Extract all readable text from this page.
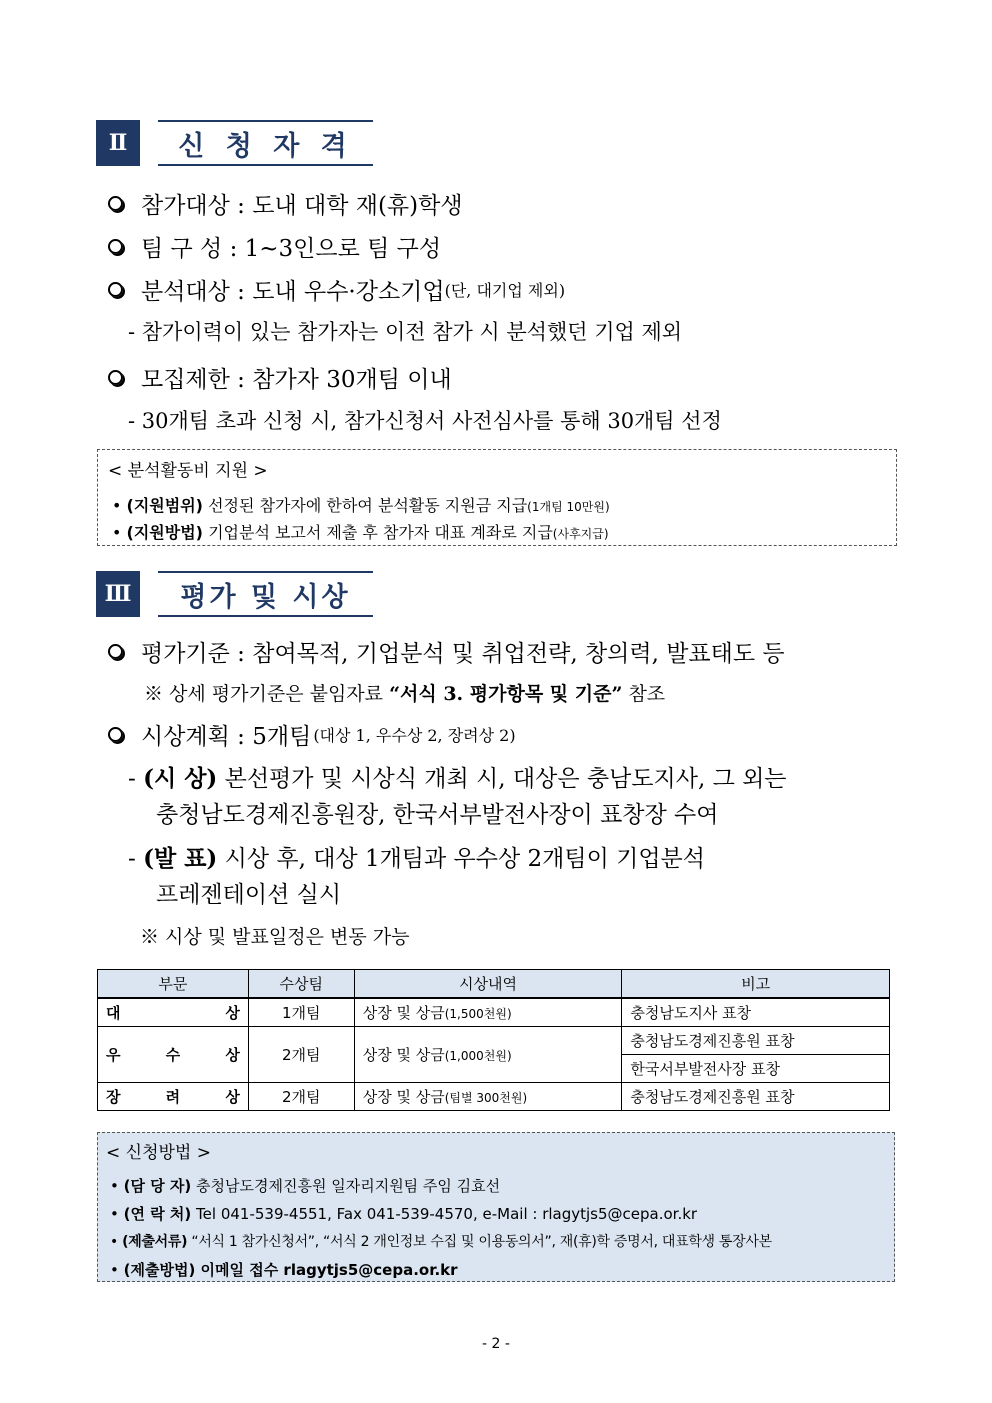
Ⅱ	신 청 자 격
참가대상 : 도내 대학 재(휴)학생
팀 구 성 : 1~3인으로 팀 구성
분석대상 : 도내 우수·강소기업 (단, 대기업 제외)
- 참가이력이 있는 참가자는 이전 참가 시 분석했던 기업 제외
모집제한 : 참가자 30개팀 이내
- 30개팀 초과 신청 시, 참가신청서 사전심사를 통해 30개팀 선정
< 분석활동비 지원 >
• (지원범위) 선정된 참가자에 한하여 분석활동 지원금 지급(1개팀 10만원)
• (지원방법) 기업분석 보고서 제출 후 참가자 대표 계좌로 지급(사후지급)
Ⅲ	평가 및 시상
평가기준 : 참여목적, 기업분석 및 취업전략, 창의력, 발표태도 등
※ 상세 평가기준은 붙임자료 “서식 3. 평가항목 및 기준” 참조
시상계획 : 5개팀 (대상 1, 우수상 2, 장려상 2)
- (시 상) 본선평가 및 시상식 개최 시, 대상은 충남도지사, 그 외는
충청남도경제진흥원장, 한국서부발전사장이 표창장 수여
- (발 표) 시상 후, 대상 1개팀과 우수상 2개팀이 기업분석
프레젠테이션 실시
※ 시상 및 발표일정은 변동 가능
부문	수상팀	시상내역	비고

대 상	1개팀	상장 및 상금(1,500천원)	충청남도지사 표창

우 수 상	2개팀	상장 및 상금(1,000천원)	충청남도경제진흥원 표창
			한국서부발전사장 표창

장 려 상	2개팀	상장 및 상금(팀별 300천원)	충청남도경제진흥원 표창
< 신청방법 >
• (담 당 자) 충청남도경제진흥원 일자리지원팀 주임 김효선
• (연 락 처) Tel 041-539-4551, Fax 041-539-4570, e-Mail : rlagytjs5@cepa.or.kr
• (제출서류) “서식 1 참가신청서”, “서식 2 개인정보 수집 및 이용동의서”, 재(휴)학 증명서, 대표학생 통장사본
• (제출방법) 이메일 접수 rlagytjs5@cepa.or.kr
- 2 -
